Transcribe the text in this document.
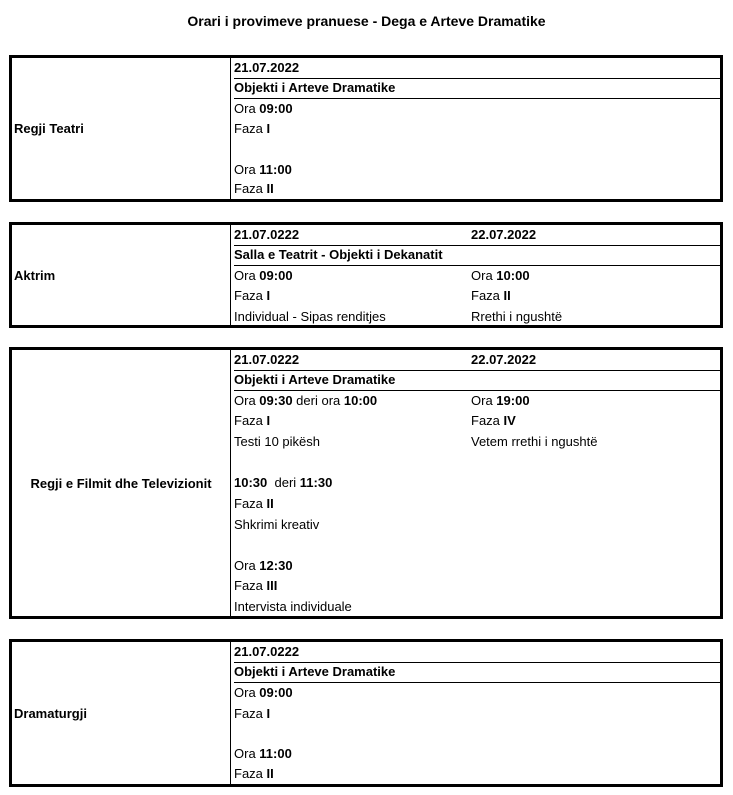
Orari i provimeve pranuese - Dega e Arteve Dramatike
Regji Teatri
21.07.2022
Objekti i Arteve Dramatike
Ora 09:00
Faza I
Ora 11:00
Faza II
Aktrim
21.07.0222	22.07.2022
Salla e Teatrit - Objekti i Dekanatit
Ora 09:00	Ora 10:00
Faza I	Faza II
Individual - Sipas renditjes	Rrethi i ngushtë
Regji e Filmit dhe Televizionit
21.07.0222	22.07.2022
Objekti i Arteve Dramatike
Ora 09:30 deri ora 10:00	Ora 19:00
Faza I	Faza IV
Testi 10 pikësh	Vetem rrethi i ngushtë
10:30 deri 11:30
Faza II
Shkrimi kreativ
Ora 12:30
Faza III
Intervista individuale
Dramaturgji
21.07.0222
Objekti i Arteve Dramatike
Ora 09:00
Faza I
Ora 11:00
Faza II
